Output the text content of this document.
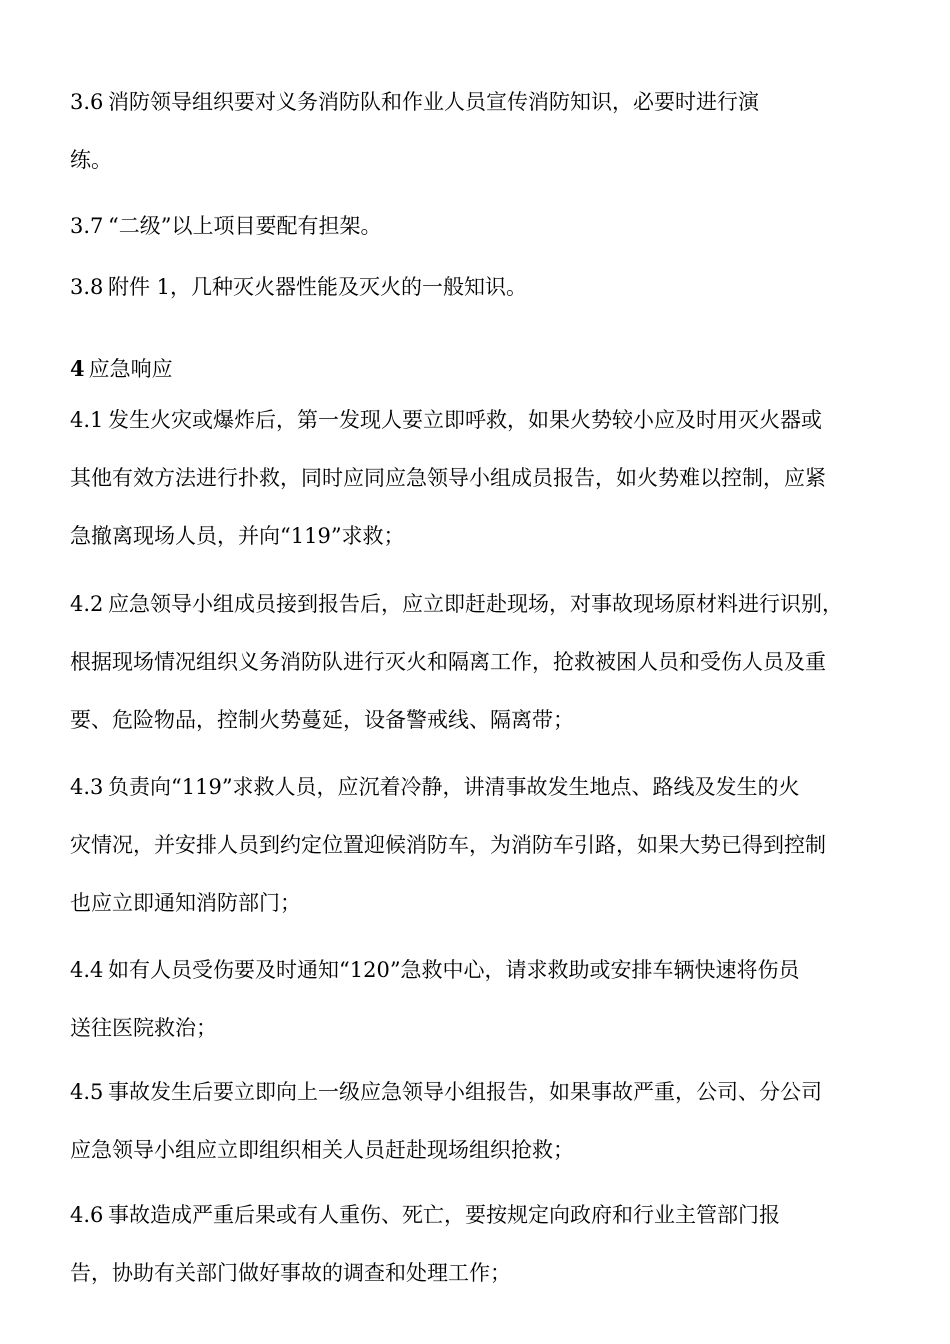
3.6 消防领导组织要对义务消防队和作业人员宣传消防知识，必要时进行演
练。
3.7 “二级”以上项目要配有担架。
3.8 附件 1，几种灭火器性能及灭火的一般知识。
4 应急响应
4.1 发生火灾或爆炸后，第一发现人要立即呼救，如果火势较小应及时用灭火器或
其他有效方法进行扑救，同时应同应急领导小组成员报告，如火势难以控制，应紧
急撤离现场人员，并向“119”求救；
4.2 应急领导小组成员接到报告后，应立即赶赴现场，对事故现场原材料进行识别，
根据现场情况组织义务消防队进行灭火和隔离工作，抢救被困人员和受伤人员及重
要、危险物品，控制火势蔓延，设备警戒线、隔离带；
4.3 负责向“119”求救人员，应沉着冷静，讲清事故发生地点、路线及发生的火
灾情况，并安排人员到约定位置迎候消防车，为消防车引路，如果大势已得到控制
也应立即通知消防部门；
4.4 如有人员受伤要及时通知“120”急救中心，请求救助或安排车辆快速将伤员
送往医院救治；
4.5 事故发生后要立即向上一级应急领导小组报告，如果事故严重，公司、分公司
应急领导小组应立即组织相关人员赶赴现场组织抢救；
4.6 事故造成严重后果或有人重伤、死亡，要按规定向政府和行业主管部门报
告，协助有关部门做好事故的调查和处理工作；
